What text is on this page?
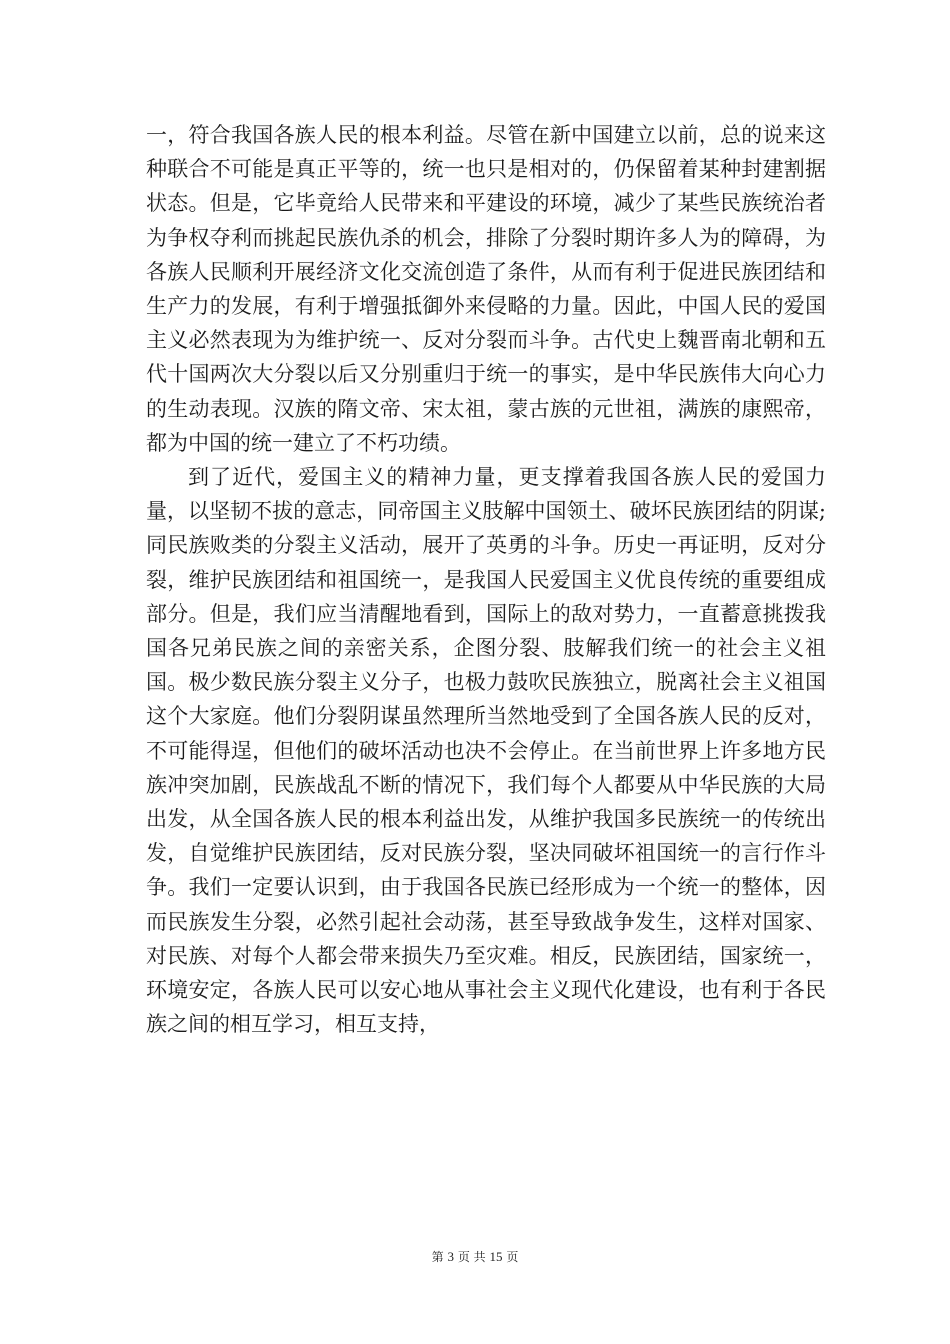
一，符合我国各族人民的根本利益。尽管在新中国建立以前，总的说来这种联合不可能是真正平等的，统一也只是相对的，仍保留着某种封建割据状态。但是，它毕竟给人民带来和平建设的环境，减少了某些民族统治者为争权夺利而挑起民族仇杀的机会，排除了分裂时期许多人为的障碍，为各族人民顺利开展经济文化交流创造了条件，从而有利于促进民族团结和生产力的发展，有利于增强抵御外来侵略的力量。因此，中国人民的爱国主义必然表现为为维护统一、反对分裂而斗争。古代史上魏晋南北朝和五代十国两次大分裂以后又分别重归于统一的事实，是中华民族伟大向心力的生动表现。汉族的隋文帝、宋太祖，蒙古族的元世祖，满族的康熙帝，都为中国的统一建立了不朽功绩。

到了近代，爱国主义的精神力量，更支撑着我国各族人民的爱国力量，以坚韧不拔的意志，同帝国主义肢解中国领土、破坏民族团结的阴谋;同民族败类的分裂主义活动，展开了英勇的斗争。历史一再证明，反对分裂，维护民族团结和祖国统一，是我国人民爱国主义优良传统的重要组成部分。但是，我们应当清醒地看到，国际上的敌对势力，一直蓄意挑拨我国各兄弟民族之间的亲密关系，企图分裂、肢解我们统一的社会主义祖国。极少数民族分裂主义分子，也极力鼓吹民族独立，脱离社会主义祖国这个大家庭。他们分裂阴谋虽然理所当然地受到了全国各族人民的反对，不可能得逞，但他们的破坏活动也决不会停止。在当前世界上许多地方民族冲突加剧，民族战乱不断的情况下，我们每个人都要从中华民族的大局出发，从全国各族人民的根本利益出发，从维护我国多民族统一的传统出发，自觉维护民族团结，反对民族分裂，坚决同破坏祖国统一的言行作斗争。我们一定要认识到，由于我国各民族已经形成为一个统一的整体，因而民族发生分裂，必然引起社会动荡，甚至导致战争发生，这样对国家、对民族、对每个人都会带来损失乃至灾难。相反，民族团结，国家统一，环境安定，各族人民可以安心地从事社会主义现代化建设，也有利于各民族之间的相互学习，相互支持，

第 3 页 共 15 页
